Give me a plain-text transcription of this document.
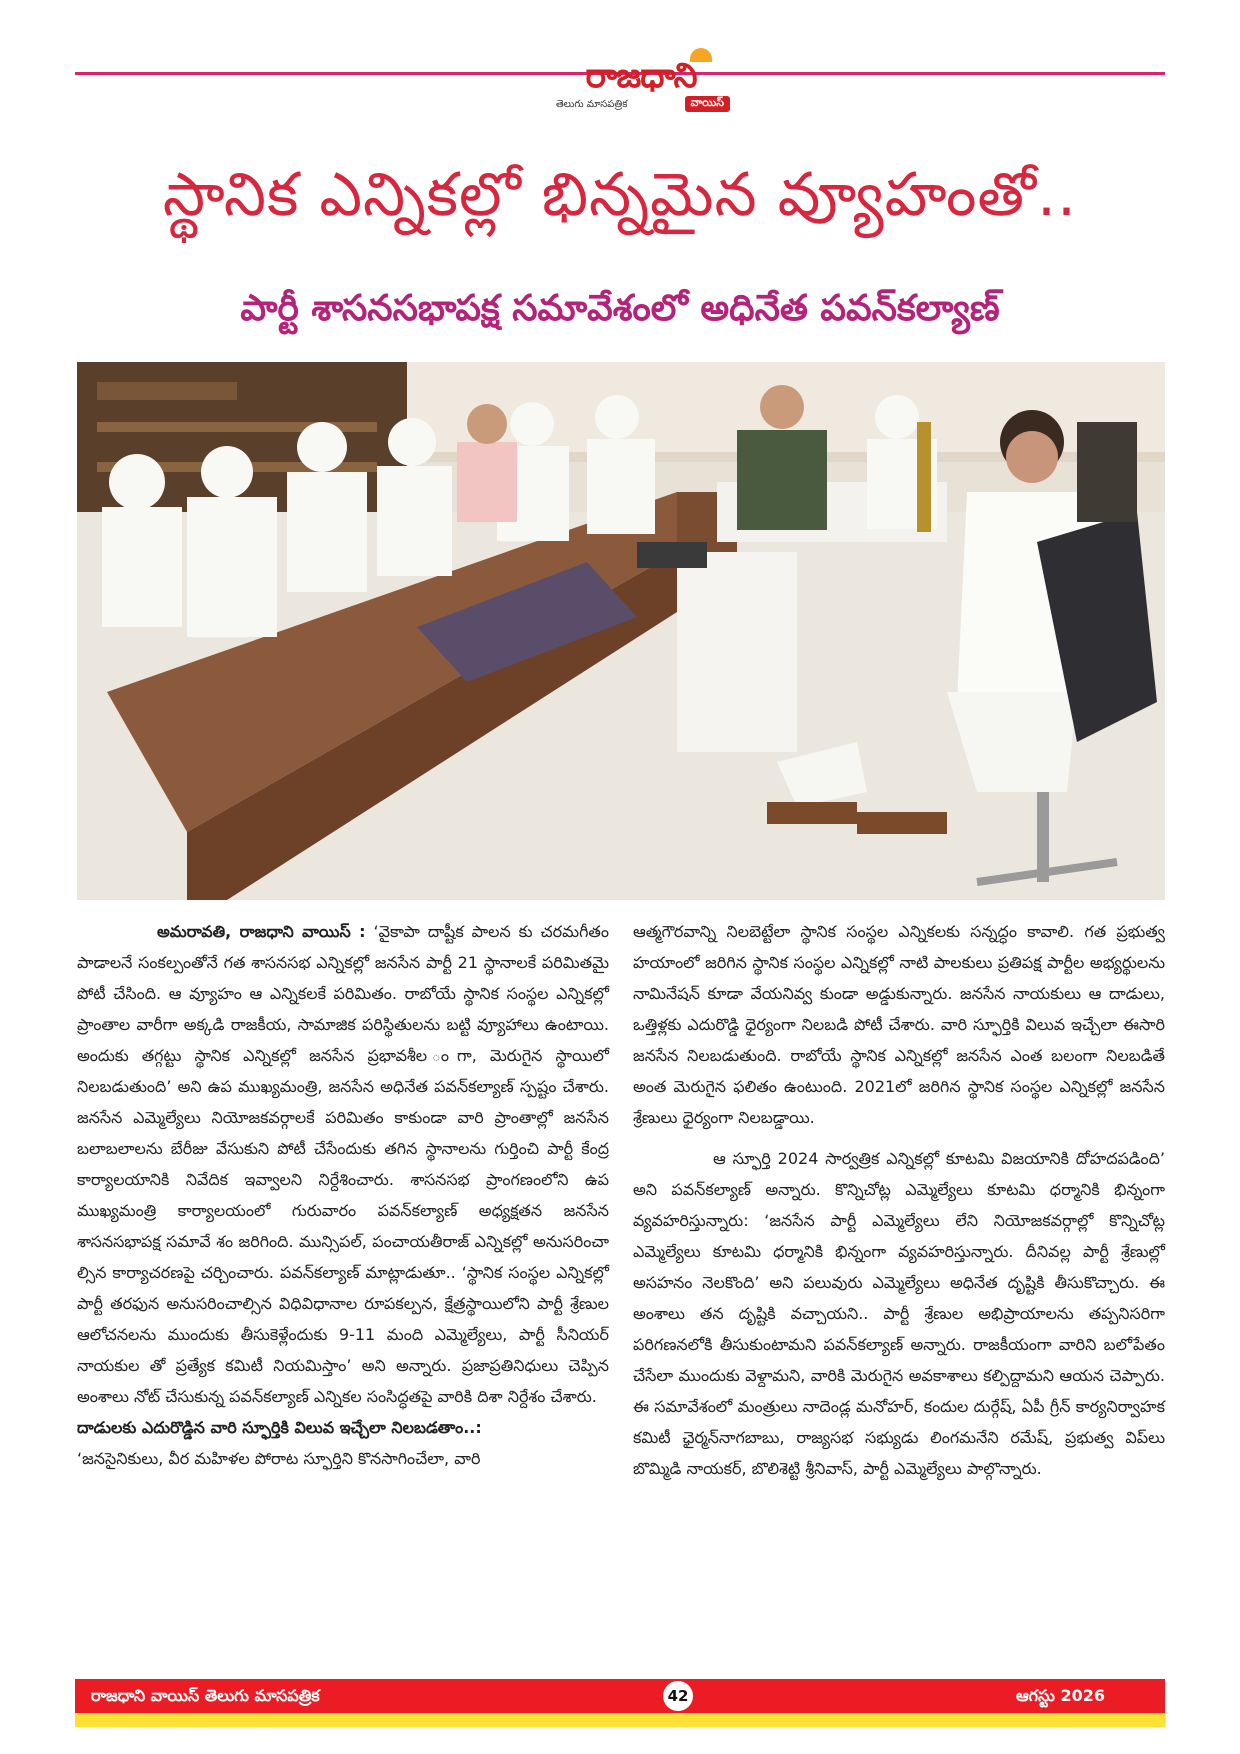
రాజధాని
తెలుగు మాసపత్రిక	వాయిస్
స్థానిక ఎన్నికల్లో భిన్నమైన వ్యూహంతో..
పార్టీ శాసనసభాపక్ష సమావేశంలో అధినేత పవన్‌కల్యాణ్‌

అమరావతి, రాజధాని వాయిస్‌ : ‘వైకాపా దాష్టీక పాలన కు చరమగీతం పాడాలనే సంకల్పంతోనే గత శాసనసభ ఎన్నికల్లో జనసేన పార్టీ 21 స్థానాలకే పరిమితమై పోటీ చేసింది. ఆ వ్యూహం ఆ ఎన్నికలకే పరిమితం. రాబోయే స్థానిక సంస్థల ఎన్నికల్లో ప్రాంతాల వారీగా అక్కడి రాజకీయ, సామాజిక పరిస్థితులను బట్టి వ్యూహాలు ఉంటాయి. అందుకు తగ్గట్టు స్థానిక ఎన్నికల్లో జనసేన ప్రభావశీల ంగా, మెరుగైన స్థాయిలో నిలబడుతుంది’ అని ఉప ముఖ్యమంత్రి, జనసేన అధినేత పవన్‌కల్యాణ్‌ స్పష్టం చేశారు. జనసేన ఎమ్మెల్యేలు నియోజకవర్గాలకే పరిమితం కాకుండా వారి ప్రాంతాల్లో జనసేన బలాబలాలను బేరీజు వేసుకుని పోటీ చేసేందుకు తగిన స్థానాలను గుర్తించి పార్టీ కేంద్ర కార్యాలయానికి నివేదిక ఇవ్వాలని నిర్దేశించారు. శాసనసభ ప్రాంగణంలోని ఉప ముఖ్యమంత్రి కార్యాలయంలో గురువారం పవన్‌కల్యాణ్‌ అధ్యక్షతన జనసేన శాసనసభాపక్ష సమావే శం జరిగింది. మున్సిపల్‌, పంచాయతీరాజ్‌ ఎన్నికల్లో అనుసరించా ల్సిన కార్యాచరణపై చర్చించారు. పవన్‌కల్యాణ్‌ మాట్లాడుతూ.. ‘స్థానిక సంస్థల ఎన్నికల్లో పార్టీ తరఫున అనుసరించాల్సిన విధివిధానాల రూపకల్పన, క్షేత్రస్థాయిలోని పార్టీ శ్రేణుల ఆలోచనలను ముందుకు తీసుకెళ్లేందుకు 9-11 మంది ఎమ్మెల్యేలు, పార్టీ సీనియర్‌ నాయకుల తో ప్రత్యేక కమిటీ నియమిస్తాం’ అని అన్నారు. ప్రజాప్రతినిధులు చెప్పిన అంశాలు నోట్‌ చేసుకున్న పవన్‌కల్యాణ్‌ ఎన్నికల సంసిద్ధతపై వారికి దిశా నిర్దేశం చేశారు.

దాడులకు ఎదురొడ్డిన వారి స్ఫూర్తికి విలువ ఇచ్చేలా నిలబడతాం..:

‘జనసైనికులు, వీర మహిళల పోరాట స్ఫూర్తిని కొనసాగించేలా, వారి

ఆత్మగౌరవాన్ని నిలబెట్టేలా స్థానిక సంస్థల ఎన్నికలకు సన్నద్ధం కావాలి. గత ప్రభుత్వ హయాంలో జరిగిన స్థానిక సంస్థల ఎన్నికల్లో నాటి పాలకులు ప్రతిపక్ష పార్టీల అభ్యర్థులను నామినేషన్‌ కూడా వేయనివ్వ కుండా అడ్డుకున్నారు. జనసేన నాయకులు ఆ దాడులు, ఒత్తిళ్లకు ఎదురొడ్డి ధైర్యంగా నిలబడి పోటీ చేశారు. వారి స్ఫూర్తికి విలువ ఇచ్చేలా ఈసారి జనసేన నిలబడుతుంది. రాబోయే స్థానిక ఎన్నికల్లో జనసేన ఎంత బలంగా నిలబడితే అంత మెరుగైన ఫలితం ఉంటుంది. 2021లో జరిగిన స్థానిక సంస్థల ఎన్నికల్లో జనసేన శ్రేణులు ధైర్యంగా నిలబడ్డాయి.

ఆ స్ఫూర్తి 2024 సార్వత్రిక ఎన్నికల్లో కూటమి విజయానికి దోహదపడింది’ అని పవన్‌కల్యాణ్‌ అన్నారు. కొన్నిచోట్ల ఎమ్మెల్యేలు కూటమి ధర్మానికి భిన్నంగా వ్యవహరిస్తున్నారు: ‘జనసేన పార్టీ ఎమ్మెల్యేలు లేని నియోజకవర్గాల్లో కొన్నిచోట్ల ఎమ్మెల్యేలు కూటమి ధర్మానికి భిన్నంగా వ్యవహరిస్తున్నారు. దీనివల్ల పార్టీ శ్రేణుల్లో అసహనం నెలకొంది’ అని పలువురు ఎమ్మెల్యేలు అధినేత దృష్టికి తీసుకొచ్చారు. ఈ అంశాలు తన దృష్టికి వచ్చాయని.. పార్టీ శ్రేణుల అభిప్రాయాలను తప్పనిసరిగా పరిగణనలోకి తీసుకుంటామని పవన్‌కల్యాణ్‌ అన్నారు. రాజకీయంగా వారిని బలోపేతం చేసేలా ముందుకు వెళ్దామని, వారికి మెరుగైన అవకాశాలు కల్పిద్దామని ఆయన చెప్పారు. ఈ సమావేశంలో మంత్రులు నాదెండ్ల మనోహర్‌, కందుల దుర్గేష్‌, ఏపీ గ్రీన్‌ కార్యనిర్వాహక కమిటీ ఛైర్మన్‌నాగబాబు, రాజ్యసభ సభ్యుడు లింగమనేని రమేష్‌, ప్రభుత్వ విప్‌లు బొమ్మిడి నాయకర్‌, బొలిశెట్టి శ్రీనివాస్‌, పార్టీ ఎమ్మెల్యేలు పాల్గొన్నారు.

రాజధాని వాయిస్‌ తెలుగు మాసపత్రిక	42	ఆగస్టు 2026
